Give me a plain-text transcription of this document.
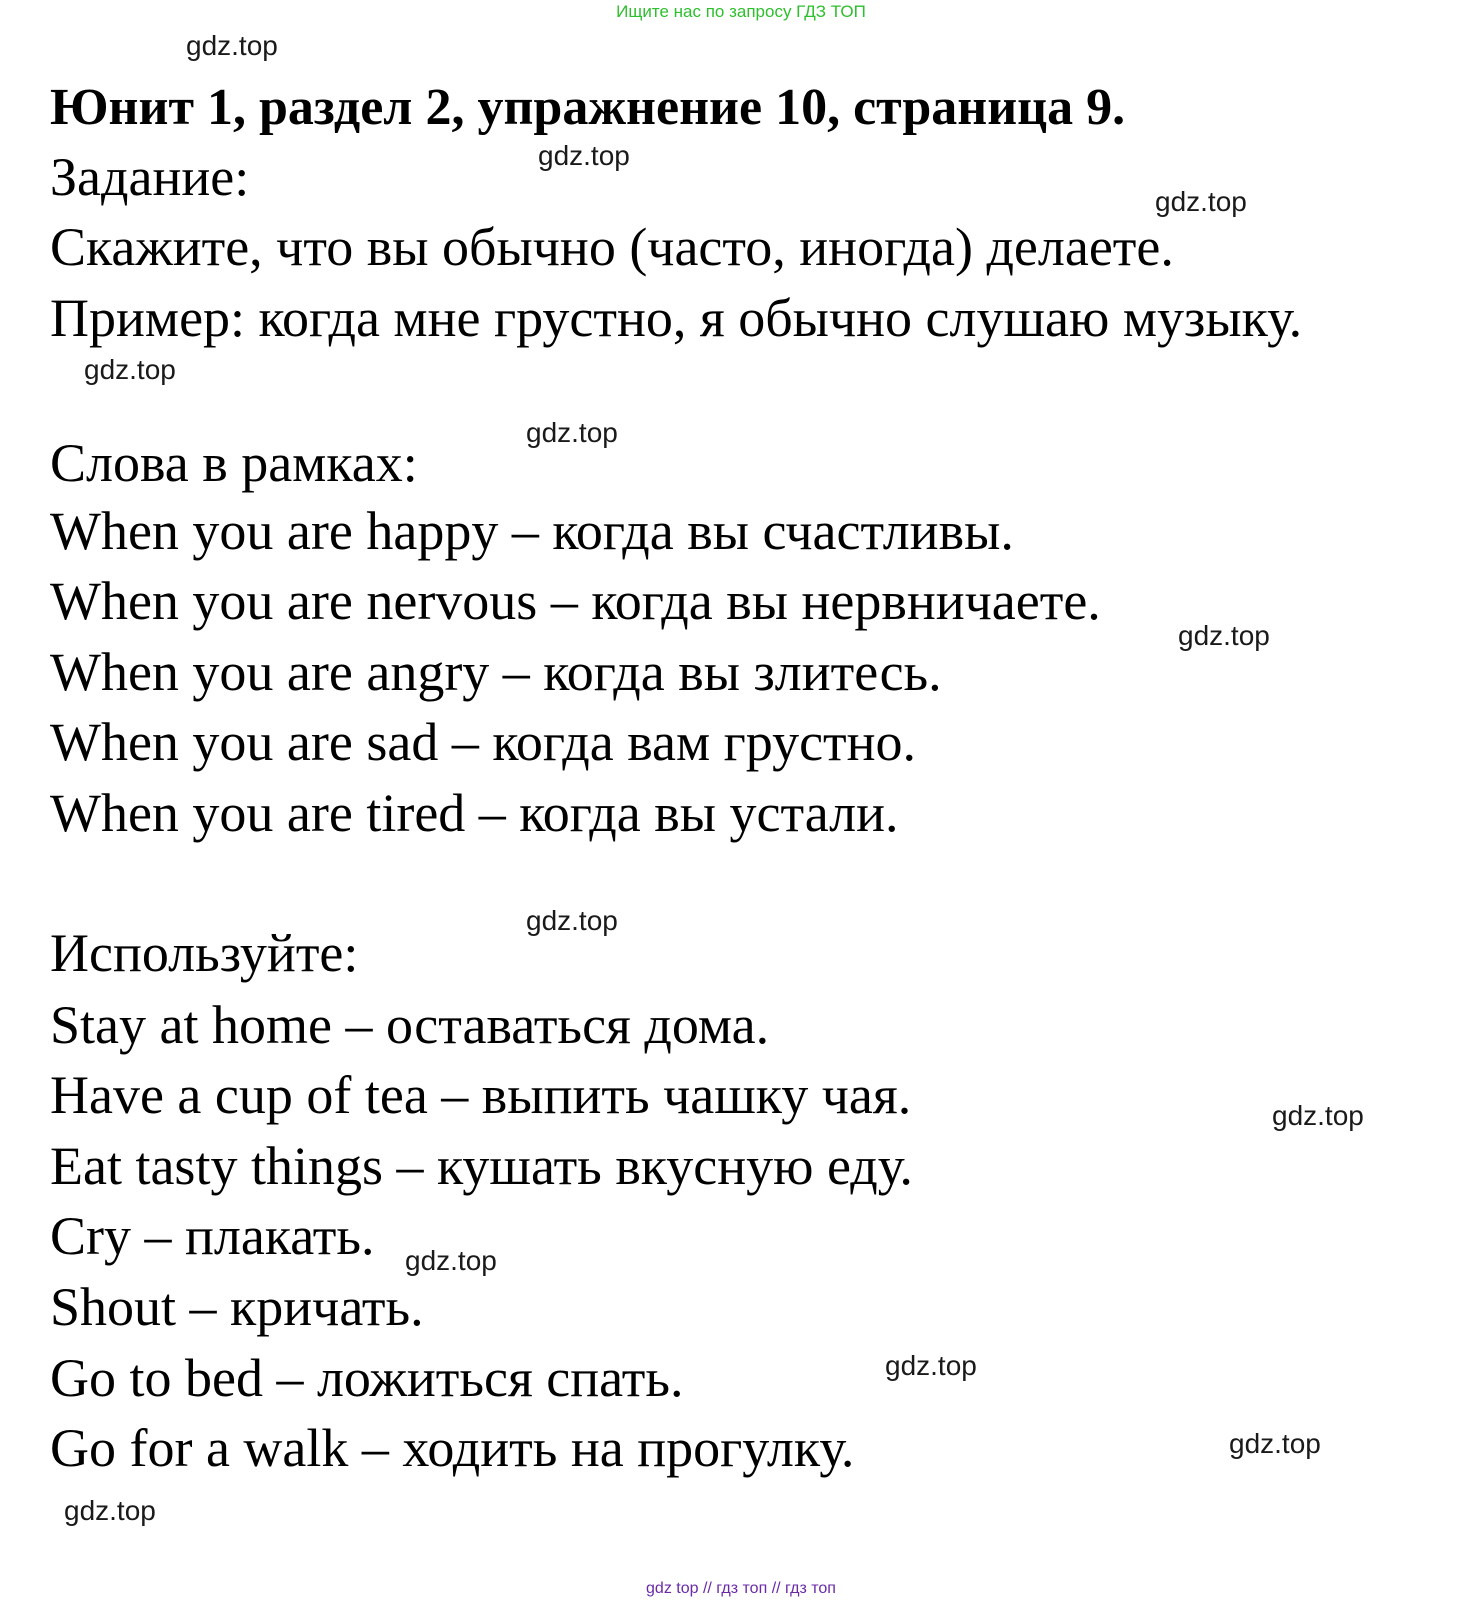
Ищите нас по запросу ГДЗ ТОП
gdz.top
gdz.top
gdz.top
gdz.top
gdz.top
gdz.top
gdz.top
gdz.top
gdz.top
gdz.top
gdz.top
gdz.top
Юнит 1, раздел 2, упражнение 10, страница 9.
Задание:
Скажите, что вы обычно (часто, иногда) делаете.
Пример: когда мне грустно, я обычно слушаю музыку.
Слова в рамках:
When you are happy – когда вы счастливы.
When you are nervous – когда вы нервничаете.
When you are angry – когда вы злитесь.
When you are sad – когда вам грустно.
When you are tired – когда вы устали.
Используйте:
Stay at home – оставаться дома.
Have a cup of tea – выпить чашку чая.
Eat tasty things – кушать вкусную еду.
Cry – плакать.
Shout – кричать.
Go to bed – ложиться спать.
Go for a walk – ходить на прогулку.
gdz top // гдз топ // гдз топ
